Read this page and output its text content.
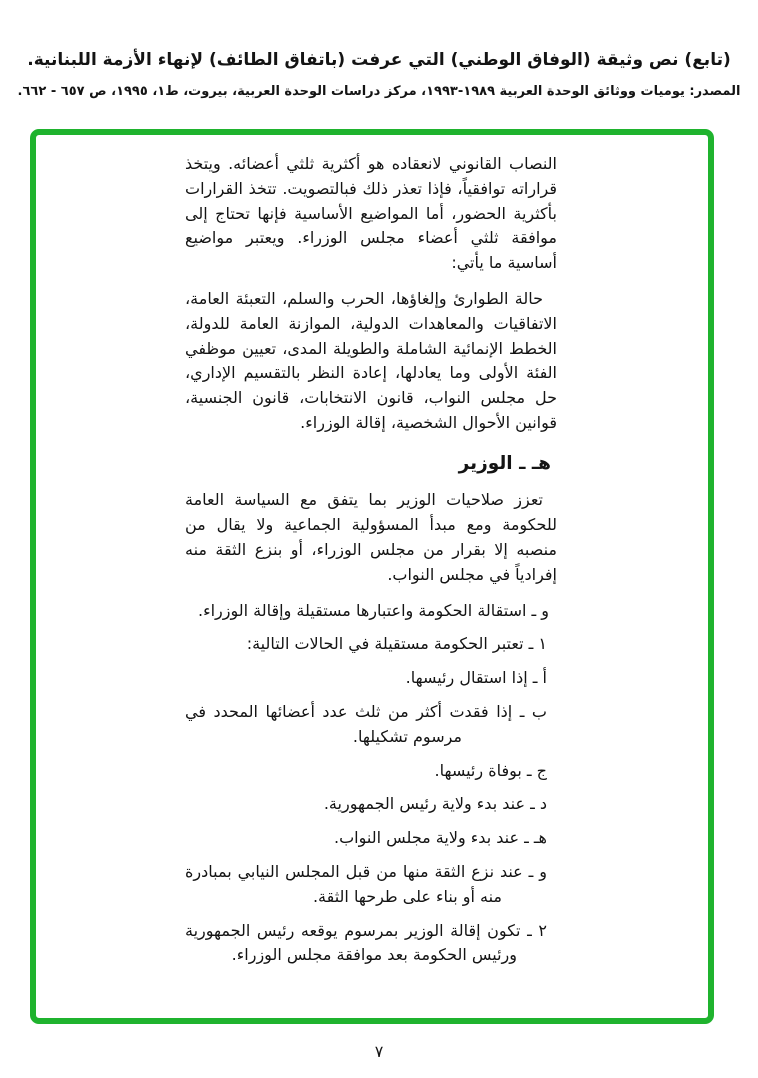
(تابع) نص وثيقة (الوفاق الوطني) التي عرفت (باتفاق الطائف) لإنهاء الأزمة اللبنانية.
المصدر: يوميات ووثائق الوحدة العربية ١٩٨٩-١٩٩٣، مركز دراسات الوحدة العربية، بيروت، ط١، ١٩٩٥، ص ٦٥٧ - ٦٦٢.
النصاب القانوني لانعقاده هو أكثرية ثلثي أعضائه. ويتخذ قراراته توافقياً، فإذا تعذر ذلك فبالتصويت. تتخذ القرارات بأكثرية الحضور، أما المواضيع الأساسية فإنها تحتاج إلى موافقة ثلثي أعضاء مجلس الوزراء. ويعتبر مواضيع أساسية ما يأتي:
حالة الطوارئ وإلغاؤها، الحرب والسلم، التعبئة العامة، الاتفاقيات والمعاهدات الدولية، الموازنة العامة للدولة، الخطط الإنمائية الشاملة والطويلة المدى، تعيين موظفي الفئة الأولى وما يعادلها، إعادة النظر بالتقسيم الإداري، حل مجلس النواب، قانون الانتخابات، قانون الجنسية، قوانين الأحوال الشخصية، إقالة الوزراء.
هـ ـ الوزير
تعزز صلاحيات الوزير بما يتفق مع السياسة العامة للحكومة ومع مبدأ المسؤولية الجماعية ولا يقال من منصبه إلا بقرار من مجلس الوزراء، أو بنزع الثقة منه إفرادياً في مجلس النواب.
و ـ استقالة الحكومة واعتبارها مستقيلة وإقالة الوزراء.
١ ـ تعتبر الحكومة مستقيلة في الحالات التالية:
أ ـ إذا استقال رئيسها.
ب ـ إذا فقدت أكثر من ثلث عدد أعضائها المحدد في مرسوم تشكيلها.
ج ـ بوفاة رئيسها.
د ـ عند بدء ولاية رئيس الجمهورية.
هـ ـ عند بدء ولاية مجلس النواب.
و ـ عند نزع الثقة منها من قبل المجلس النيابي بمبادرة منه أو بناء على طرحها الثقة.
٢ ـ تكون إقالة الوزير بمرسوم يوقعه رئيس الجمهورية ورئيس الحكومة بعد موافقة مجلس الوزراء.
٧
